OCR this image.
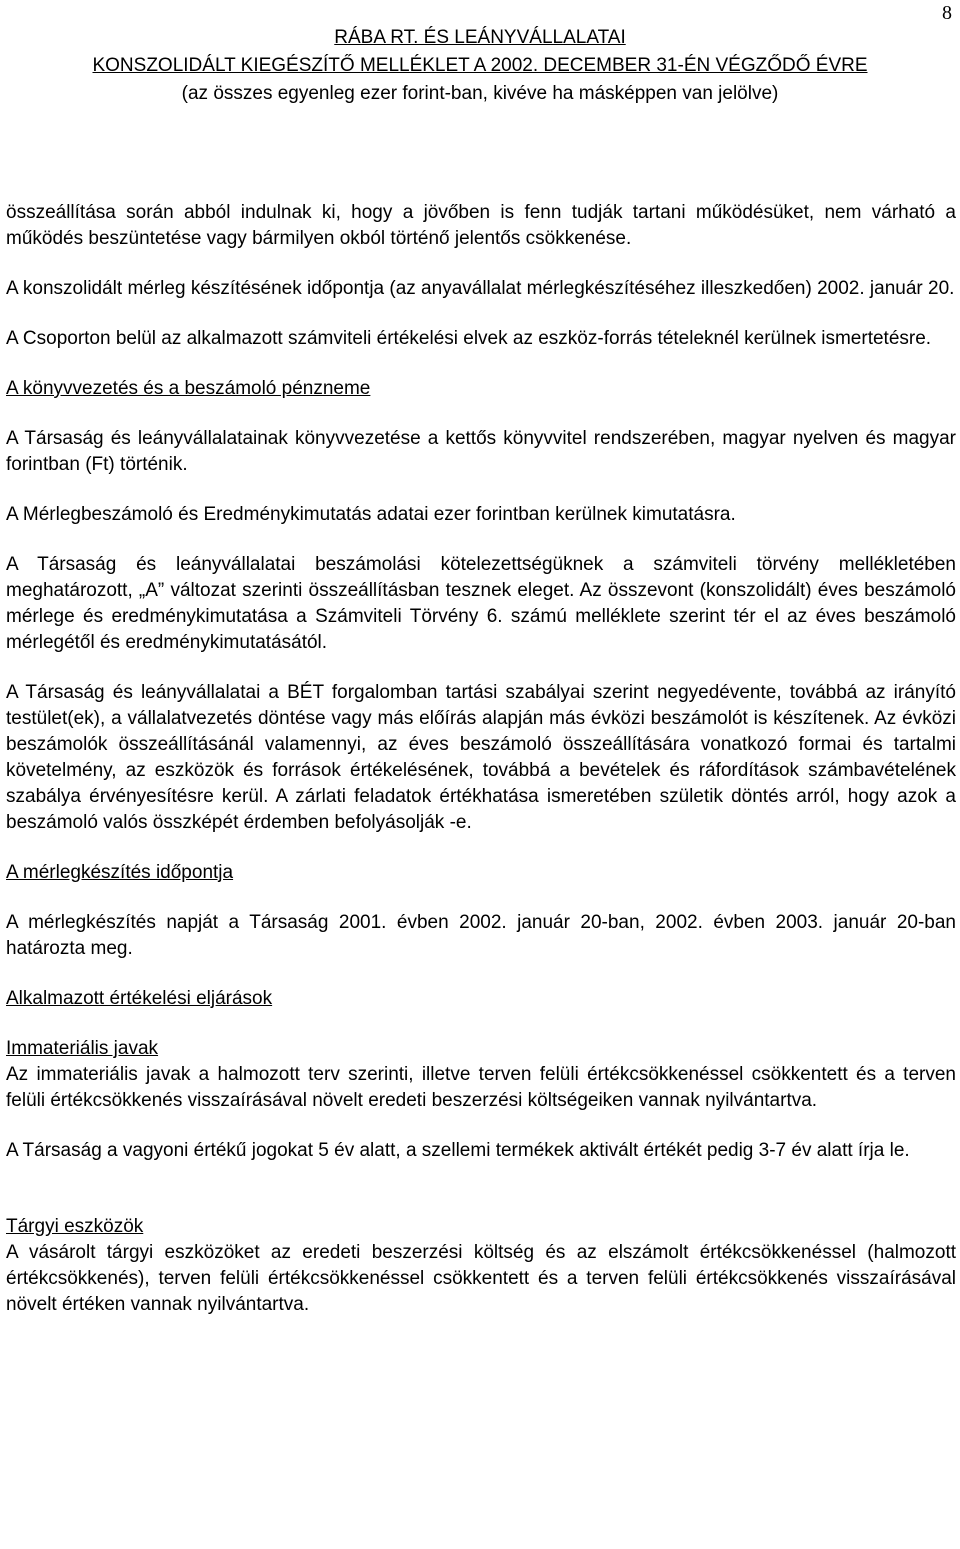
8
RÁBA RT. ÉS LEÁNYVÁLLALATAI
KONSZOLIDÁLT KIEGÉSZÍTŐ MELLÉKLET A 2002. DECEMBER 31-ÉN VÉGZŐDŐ ÉVRE
(az összes egyenleg ezer forint-ban, kivéve ha másképpen van jelölve)

összeállítása során abból indulnak ki, hogy a jövőben is fenn tudják tartani működésüket, nem várható a működés beszüntetése vagy bármilyen okból történő jelentős csökkenése.

A konszolidált mérleg készítésének időpontja (az anyavállalat mérlegkészítéséhez illeszkedően) 2002. január 20.

A Csoporton belül az alkalmazott számviteli értékelési elvek az eszköz-forrás tételeknél kerülnek ismertetésre.

A könyvvezetés és a beszámoló pénzneme

A Társaság és leányvállalatainak könyvvezetése a kettős könyvvitel rendszerében, magyar nyelven és magyar forintban (Ft) történik.

A Mérlegbeszámoló és Eredménykimutatás adatai ezer forintban kerülnek kimutatásra.

A Társaság és leányvállalatai beszámolási kötelezettségüknek a számviteli törvény mellékletében meghatározott, „A” változat szerinti összeállításban tesznek eleget. Az összevont (konszolidált) éves beszámoló mérlege és eredménykimutatása a Számviteli Törvény 6. számú melléklete szerint tér el az éves beszámoló mérlegétől és eredménykimutatásától.

A Társaság és leányvállalatai a BÉT forgalomban tartási szabályai szerint negyedévente, továbbá az irányító testület(ek), a vállalatvezetés döntése vagy más előírás alapján más évközi beszámolót is készítenek. Az évközi beszámolók összeállításánál valamennyi, az éves beszámoló összeállítására vonatkozó formai és tartalmi követelmény, az eszközök és források értékelésének, továbbá a bevételek és ráfordítások számbavételének szabálya érvényesítésre kerül. A zárlati feladatok értékhatása ismeretében születik döntés arról, hogy azok a beszámoló valós összképét érdemben befolyásolják -e.

A mérlegkészítés időpontja

A mérlegkészítés napját a Társaság 2001. évben 2002. január 20-ban, 2002. évben 2003. január 20-ban határozta meg.

Alkalmazott értékelési eljárások
Immateriális javak

Az immateriális javak a halmozott terv szerinti, illetve terven felüli értékcsökkenéssel csökkentett és a terven felüli értékcsökkenés visszaírásával növelt eredeti beszerzési költségeiken vannak nyilvántartva.

A Társaság a vagyoni értékű jogokat 5 év alatt, a szellemi termékek aktivált értékét pedig 3-7 év alatt írja le.

Tárgyi eszközök

A vásárolt tárgyi eszközöket az eredeti beszerzési költség és az elszámolt értékcsökkenéssel (halmozott értékcsökkenés), terven felüli értékcsökkenéssel csökkentett és a terven felüli értékcsökkenés visszaírásával növelt értéken vannak nyilvántartva.
